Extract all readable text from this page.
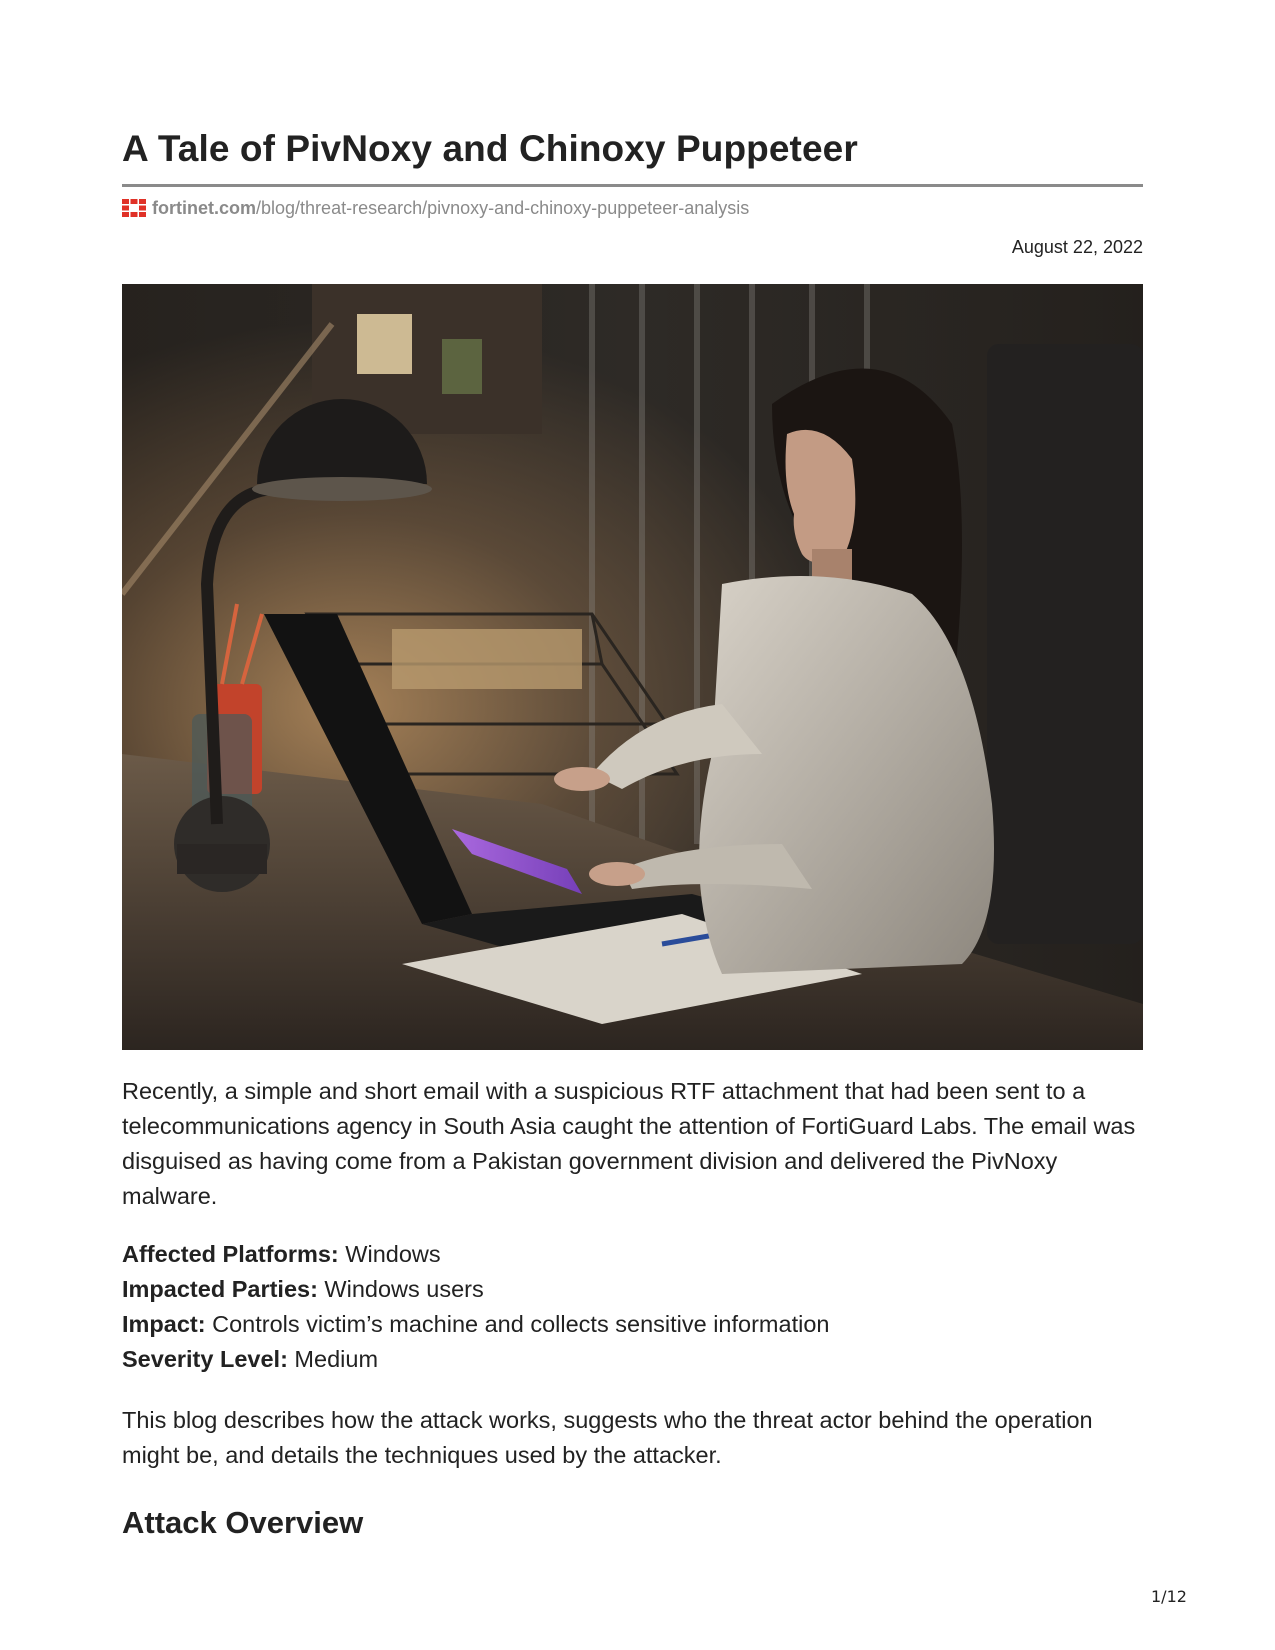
A Tale of PivNoxy and Chinoxy Puppeteer
fortinet.com/blog/threat-research/pivnoxy-and-chinoxy-puppeteer-analysis
August 22, 2022

Recently, a simple and short email with a suspicious RTF attachment that had been sent to a telecommunications agency in South Asia caught the attention of FortiGuard Labs. The email was disguised as having come from a Pakistan government division and delivered the PivNoxy malware.

Affected Platforms: Windows
Impacted Parties: Windows users
Impact: Controls victim’s machine and collects sensitive information
Severity Level: Medium

This blog describes how the attack works, suggests who the threat actor behind the operation might be, and details the techniques used by the attacker.

Attack Overview
1/12
